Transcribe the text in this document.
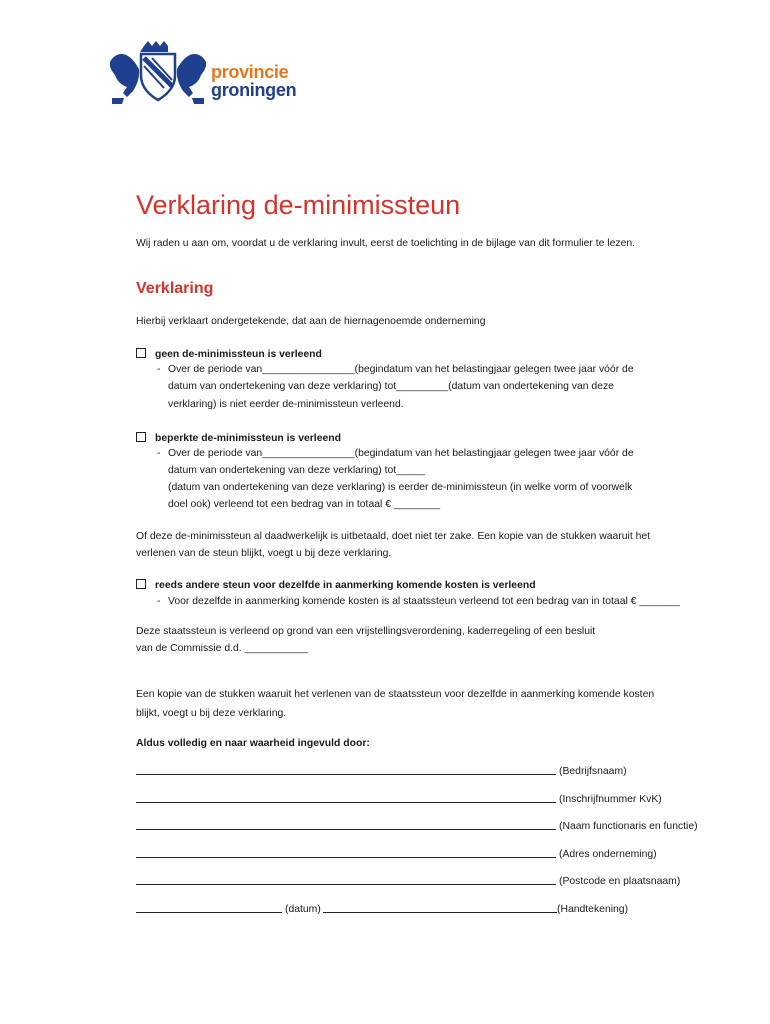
provincie
groningen
Verklaring de-minimissteun
Wij raden u aan om, voordat u de verklaring invult, eerst de toelichting in de bijlage van dit formulier te lezen.
Verklaring
Hierbij verklaart ondergetekende, dat aan de hiernagenoemde onderneming
geen de-minimissteun is verleend
- Over de periode van________________(begindatum van het belastingjaar gelegen twee jaar vóór de
datum van ondertekening van deze verklaring) tot_________(datum van ondertekening van deze
verklaring) is niet eerder de-minimissteun verleend.
beperkte de-minimissteun is verleend
- Over de periode van________________(begindatum van het belastingjaar gelegen twee jaar vóór de
datum van ondertekening van deze verklaring) tot_____
(datum van ondertekening van deze verklaring) is eerder de-minimissteun (in welke vorm of voorwelk
doel ook) verleend tot een bedrag van in totaal € ________
Of deze de-minimissteun al daadwerkelijk is uitbetaald, doet niet ter zake. Een kopie van de stukken waaruit het
verlenen van de steun blijkt, voegt u bij deze verklaring.
reeds andere steun voor dezelfde in aanmerking komende kosten is verleend
- Voor dezelfde in aanmerking komende kosten is al staatssteun verleend tot een bedrag van in totaal € _______
Deze staatssteun is verleend op grond van een vrijstellingsverordening, kaderregeling of een besluit
van de Commissie d.d. ___________
Een kopie van de stukken waaruit het verlenen van de staatssteun voor dezelfde in aanmerking komende kosten
blijkt, voegt u bij deze verklaring.
Aldus volledig en naar waarheid ingevuld door:
(Bedrijfsnaam)
(Inschrijfnummer KvK)
(Naam functionaris en functie)
(Adres onderneming)
(Postcode en plaatsnaam)
(datum)	(Handtekening)
